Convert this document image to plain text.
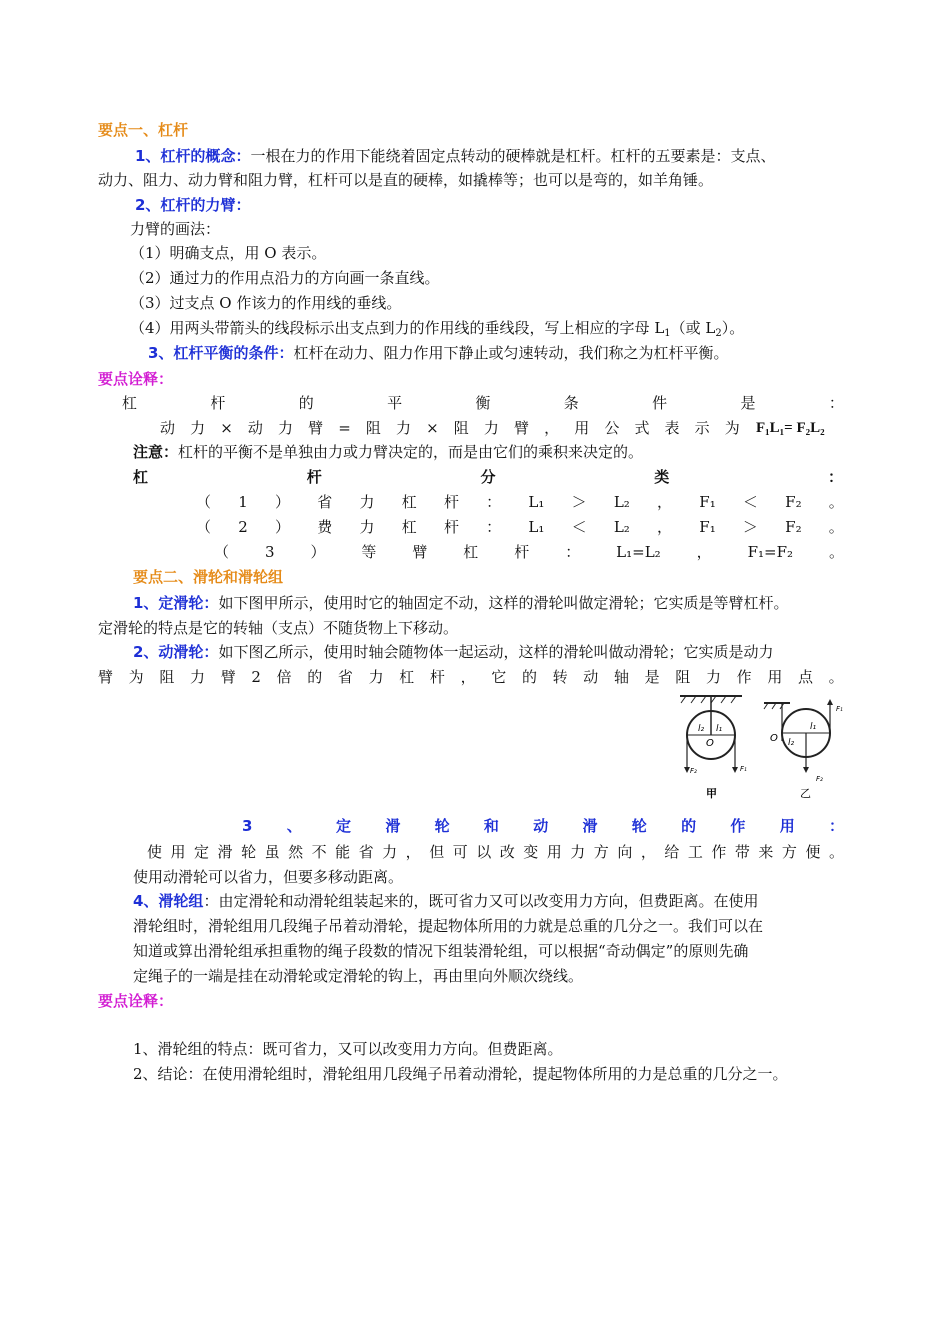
要点一、杠杆
1、杠杆的概念：一根在力的作用下能绕着固定点转动的硬棒就是杠杆。杠杆的五要素是：支点、
动力、阻力、动力臂和阻力臂，杠杆可以是直的硬棒，如撬棒等；也可以是弯的，如羊角锤。
2、杠杆的力臂：
力臂的画法：
（1）明确支点，用 O 表示。
（2）通过力的作用点沿力的方向画一条直线。
（3）过支点 O 作该力的作用线的垂线。
（4）用两头带箭头的线段标示出支点到力的作用线的垂线段，写上相应的字母 $L_1$（或 $L_2$）。
3、杠杆平衡的条件：杠杆在动力、阻力作用下静止或匀速转动，我们称之为杠杆平衡。
要点诠释：
杠	杆	的	平	衡	条	件	是	：
动 力 × 动 力 臂 = 阻 力 × 阻 力 臂 ， 用 公 式 表 示 为 F₁L₁= F₂L₂
注意：杠杆的平衡不是单独由力或力臂决定的，而是由它们的乘积来决定的。
杠	杆	分	类	：
（ 1 ） 省 力 杠 杆 ： L₁ ＞ L₂ ， F₁ ＜ F₂ 。
（ 2 ） 费 力 杠 杆 ： L₁ ＜ L₂ ， F₁ ＞ F₂ 。
（ 3 ） 等 臂 杠 杆 ： L₁=L₂ ， F₁=F₂ 。
要点二、滑轮和滑轮组
1、定滑轮：如下图甲所示，使用时它的轴固定不动，这样的滑轮叫做定滑轮；它实质是等臂杠杆。
定滑轮的特点是它的转轴（支点）不随货物上下移动。
2、动滑轮：如下图乙所示，使用时轴会随物体一起运动，这样的滑轮叫做动滑轮；它实质是动力
臂 为 阻 力 臂 2 倍 的 省 力 杠 杆 ， 它 的 转 动 轴 是 阻 力 作 用 点 。
l₂ l₁
O
F₂	F₁
甲
F₁
l₁
l₂
O
F₂
乙
3 、 定 滑 轮 和 动 滑 轮 的 作 用 ：
使 用 定 滑 轮 虽 然 不 能 省 力 ， 但 可 以 改 变 用 力 方 向 ， 给 工 作 带 来 方 便 。
使用动滑轮可以省力，但要多移动距离。
4、滑轮组：由定滑轮和动滑轮组装起来的，既可省力又可以改变用力方向，但费距离。在使用
滑轮组时，滑轮组用几段绳子吊着动滑轮，提起物体所用的力就是总重的几分之一。我们可以在
知道或算出滑轮组承担重物的绳子段数的情况下组装滑轮组，可以根据“奇动偶定”的原则先确
定绳子的一端是挂在动滑轮或定滑轮的钩上，再由里向外顺次绕线。
要点诠释：
1、滑轮组的特点：既可省力，又可以改变用力方向。但费距离。
2、结论：在使用滑轮组时，滑轮组用几段绳子吊着动滑轮，提起物体所用的力是总重的几分之一。
